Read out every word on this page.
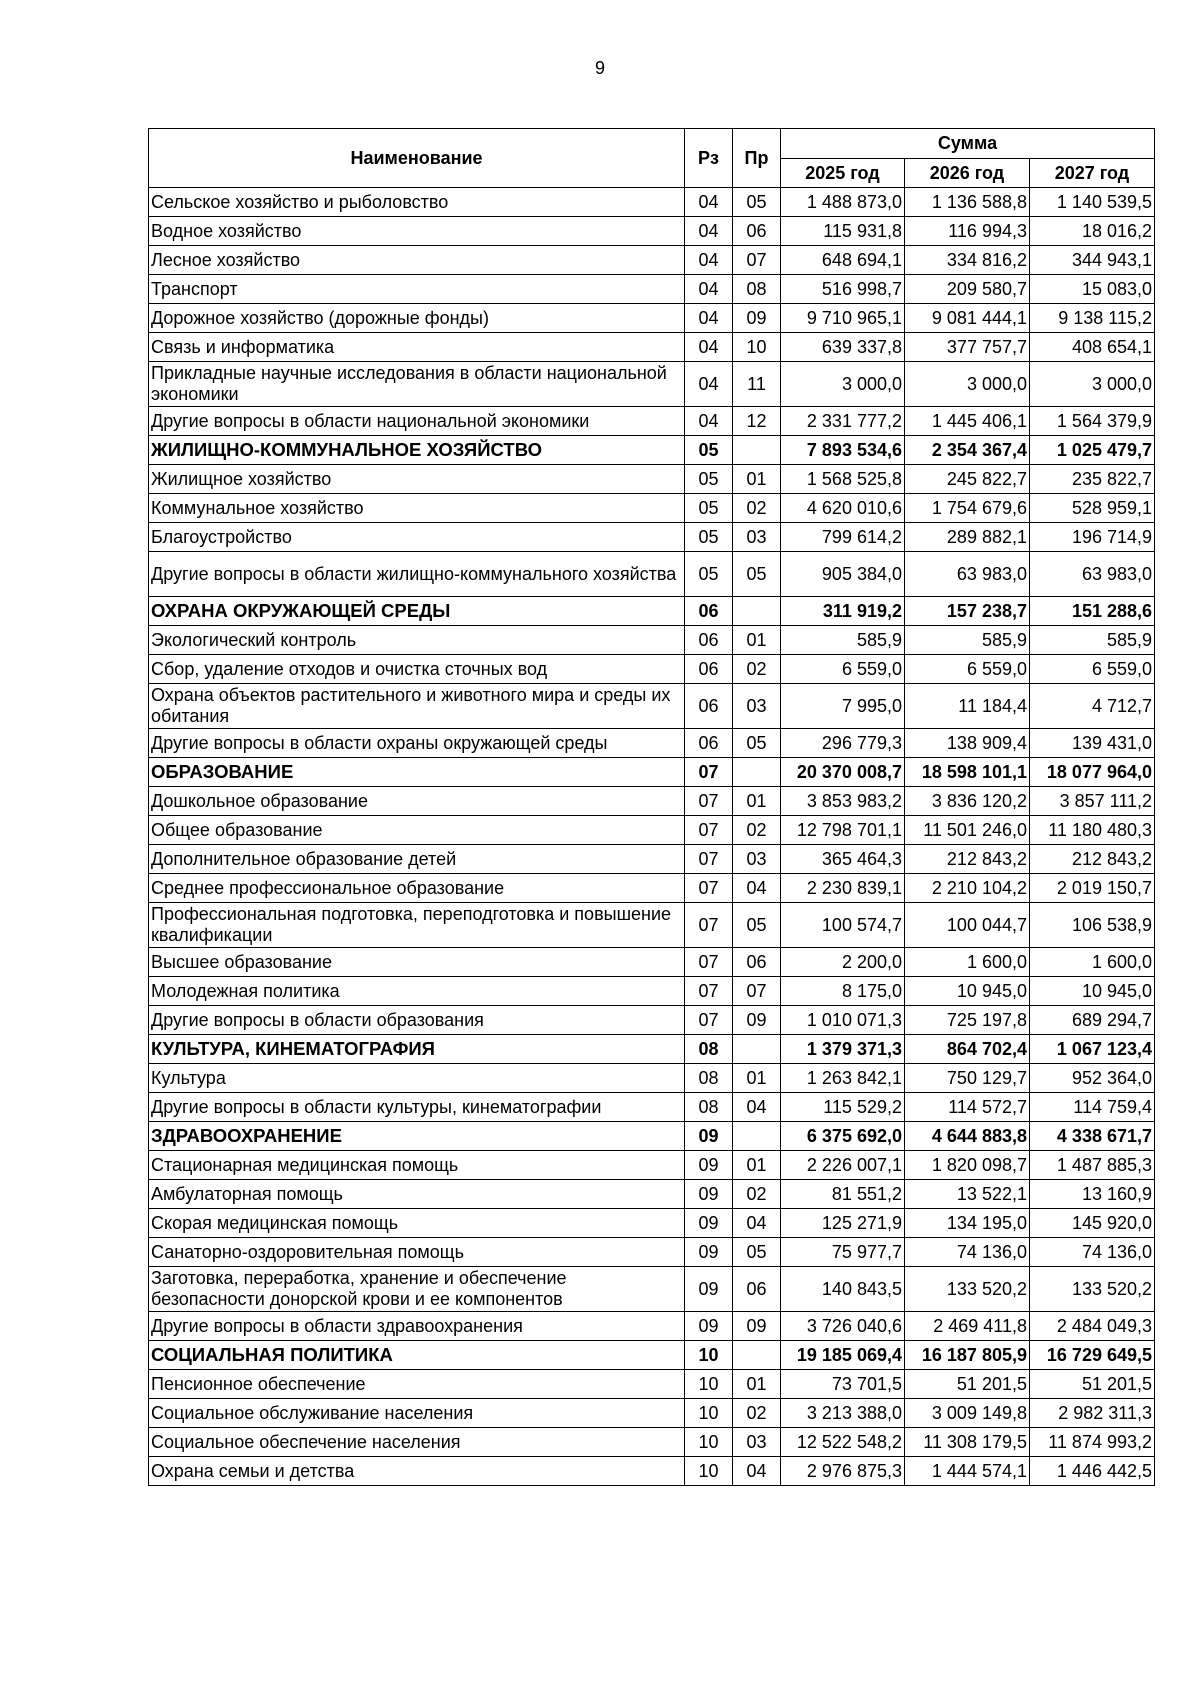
9
Наименование	Рз	Пр	Сумма		
			2025 год	2026 год	2027 год
Сельское хозяйство и рыболовство	04	05	1 488 873,0	1 136 588,8	1 140 539,5
Водное хозяйство	04	06	115 931,8	116 994,3	18 016,2
Лесное хозяйство	04	07	648 694,1	334 816,2	344 943,1
Транспорт	04	08	516 998,7	209 580,7	15 083,0
Дорожное хозяйство (дорожные фонды)	04	09	9 710 965,1	9 081 444,1	9 138 115,2
Связь и информатика	04	10	639 337,8	377 757,7	408 654,1
Прикладные научные исследования в области национальной экономики	04	11	3 000,0	3 000,0	3 000,0
Другие вопросы в области национальной экономики	04	12	2 331 777,2	1 445 406,1	1 564 379,9
ЖИЛИЩНО-КОММУНАЛЬНОЕ ХОЗЯЙСТВО	05		7 893 534,6	2 354 367,4	1 025 479,7
Жилищное хозяйство	05	01	1 568 525,8	245 822,7	235 822,7
Коммунальное хозяйство	05	02	4 620 010,6	1 754 679,6	528 959,1
Благоустройство	05	03	799 614,2	289 882,1	196 714,9
Другие вопросы в области жилищно-коммунального хозяйства	05	05	905 384,0	63 983,0	63 983,0
ОХРАНА ОКРУЖАЮЩЕЙ СРЕДЫ	06		311 919,2	157 238,7	151 288,6
Экологический контроль	06	01	585,9	585,9	585,9
Сбор, удаление отходов и очистка сточных вод	06	02	6 559,0	6 559,0	6 559,0
Охрана объектов растительного и животного мира и среды их обитания	06	03	7 995,0	11 184,4	4 712,7
Другие вопросы в области охраны окружающей среды	06	05	296 779,3	138 909,4	139 431,0
ОБРАЗОВАНИЕ	07		20 370 008,7	18 598 101,1	18 077 964,0
Дошкольное образование	07	01	3 853 983,2	3 836 120,2	3 857 111,2
Общее образование	07	02	12 798 701,1	11 501 246,0	11 180 480,3
Дополнительное образование детей	07	03	365 464,3	212 843,2	212 843,2
Среднее профессиональное образование	07	04	2 230 839,1	2 210 104,2	2 019 150,7
Профессиональная подготовка, переподготовка и повышение квалификации	07	05	100 574,7	100 044,7	106 538,9
Высшее образование	07	06	2 200,0	1 600,0	1 600,0
Молодежная политика	07	07	8 175,0	10 945,0	10 945,0
Другие вопросы в области образования	07	09	1 010 071,3	725 197,8	689 294,7
КУЛЬТУРА, КИНЕМАТОГРАФИЯ	08		1 379 371,3	864 702,4	1 067 123,4
Культура	08	01	1 263 842,1	750 129,7	952 364,0
Другие вопросы в области культуры, кинематографии	08	04	115 529,2	114 572,7	114 759,4
ЗДРАВООХРАНЕНИЕ	09		6 375 692,0	4 644 883,8	4 338 671,7
Стационарная медицинская помощь	09	01	2 226 007,1	1 820 098,7	1 487 885,3
Амбулаторная помощь	09	02	81 551,2	13 522,1	13 160,9
Скорая медицинская помощь	09	04	125 271,9	134 195,0	145 920,0
Санаторно-оздоровительная помощь	09	05	75 977,7	74 136,0	74 136,0
Заготовка, переработка, хранение и обеспечение безопасности донорской крови и ее компонентов	09	06	140 843,5	133 520,2	133 520,2
Другие вопросы в области здравоохранения	09	09	3 726 040,6	2 469 411,8	2 484 049,3
СОЦИАЛЬНАЯ ПОЛИТИКА	10		19 185 069,4	16 187 805,9	16 729 649,5
Пенсионное обеспечение	10	01	73 701,5	51 201,5	51 201,5
Социальное обслуживание населения	10	02	3 213 388,0	3 009 149,8	2 982 311,3
Социальное обеспечение населения	10	03	12 522 548,2	11 308 179,5	11 874 993,2
Охрана семьи и детства	10	04	2 976 875,3	1 444 574,1	1 446 442,5
